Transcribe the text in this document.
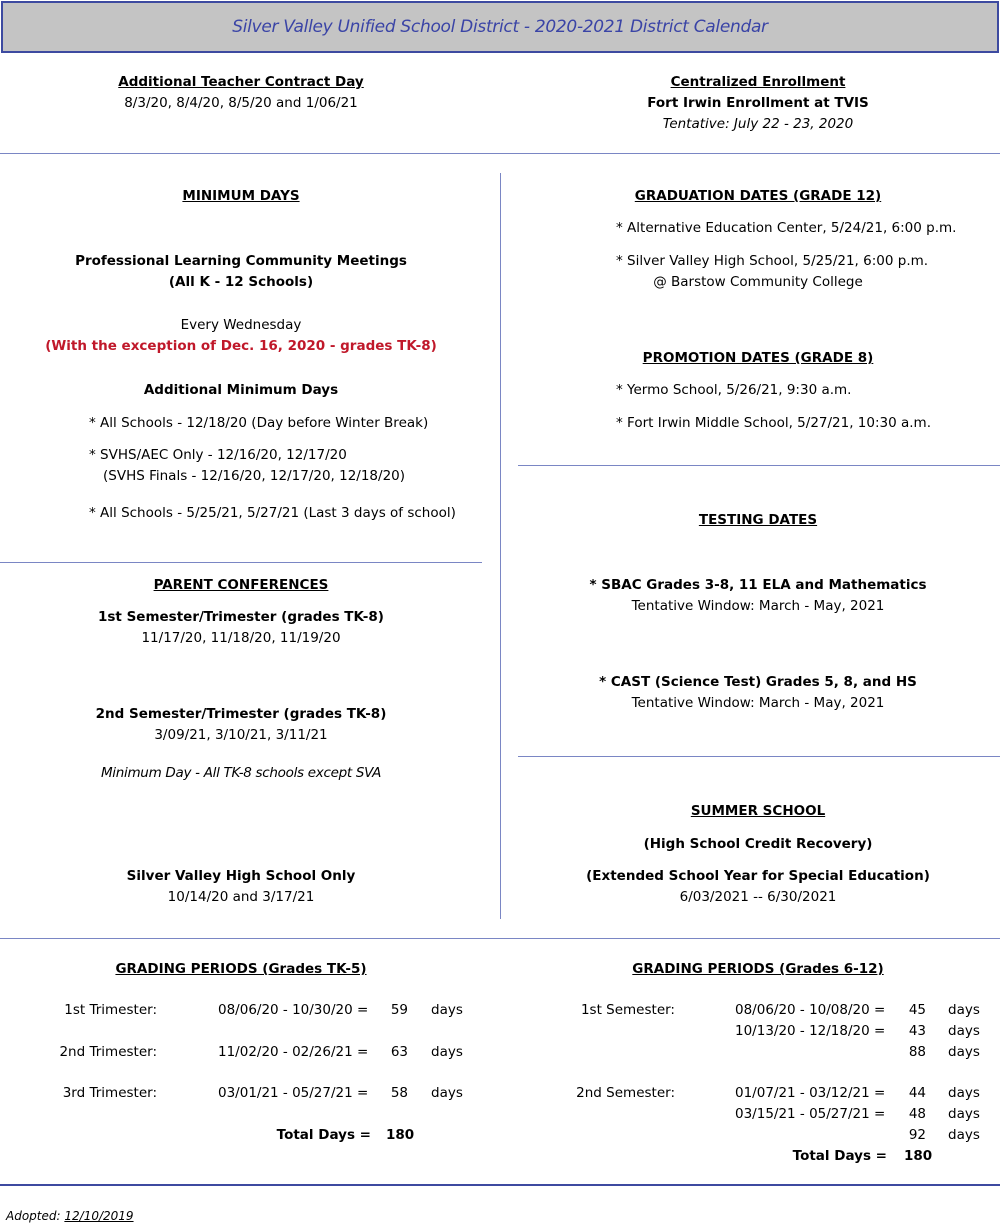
Silver Valley Unified School District - 2020-2021 District Calendar
Additional Teacher Contract Day
8/3/20, 8/4/20, 8/5/20 and 1/06/21
Centralized Enrollment
Fort Irwin Enrollment at TVIS
Tentative: July 22 - 23, 2020
MINIMUM DAYS
Professional Learning Community Meetings
(All K - 12 Schools)
Every Wednesday
(With the exception of Dec. 16, 2020 - grades TK-8)
Additional Minimum Days
* All Schools - 12/18/20 (Day before Winter Break)
* SVHS/AEC Only - 12/16/20, 12/17/20
(SVHS Finals - 12/16/20, 12/17/20, 12/18/20)
* All Schools - 5/25/21, 5/27/21 (Last 3 days of school)
PARENT CONFERENCES
1st Semester/Trimester (grades TK-8)
11/17/20, 11/18/20, 11/19/20
2nd Semester/Trimester (grades TK-8)
3/09/21, 3/10/21, 3/11/21
Minimum Day - All TK-8 schools except SVA
Silver Valley High School Only
10/14/20 and 3/17/21
GRADUATION DATES (GRADE 12)
* Alternative Education Center, 5/24/21, 6:00 p.m.
* Silver Valley High School, 5/25/21, 6:00 p.m.
@ Barstow Community College
PROMOTION DATES (GRADE 8)
* Yermo School, 5/26/21, 9:30 a.m.
* Fort Irwin Middle School, 5/27/21, 10:30 a.m.
TESTING DATES
* SBAC Grades 3-8, 11 ELA and Mathematics
Tentative Window: March - May, 2021
* CAST (Science Test) Grades 5, 8, and HS
Tentative Window: March - May, 2021
SUMMER SCHOOL
(High School Credit Recovery)
(Extended School Year for Special Education)
6/03/2021 -- 6/30/2021
GRADING PERIODS (Grades TK-5)
1st Trimester:	08/06/20 - 10/30/20 =	59 days
2nd Trimester:	11/02/20 - 02/26/21 =	63 days
3rd Trimester:	03/01/21 - 05/27/21 =	58 days
Total Days = 180
GRADING PERIODS (Grades 6-12)
1st Semester:	08/06/20 - 10/08/20 =	45 days
10/13/20 - 12/18/20 =	43 days
88 days
2nd Semester:	01/07/21 - 03/12/21 =	44 days
03/15/21 - 05/27/21 =	48 days
92 days
Total Days = 180
Adopted: 12/10/2019
